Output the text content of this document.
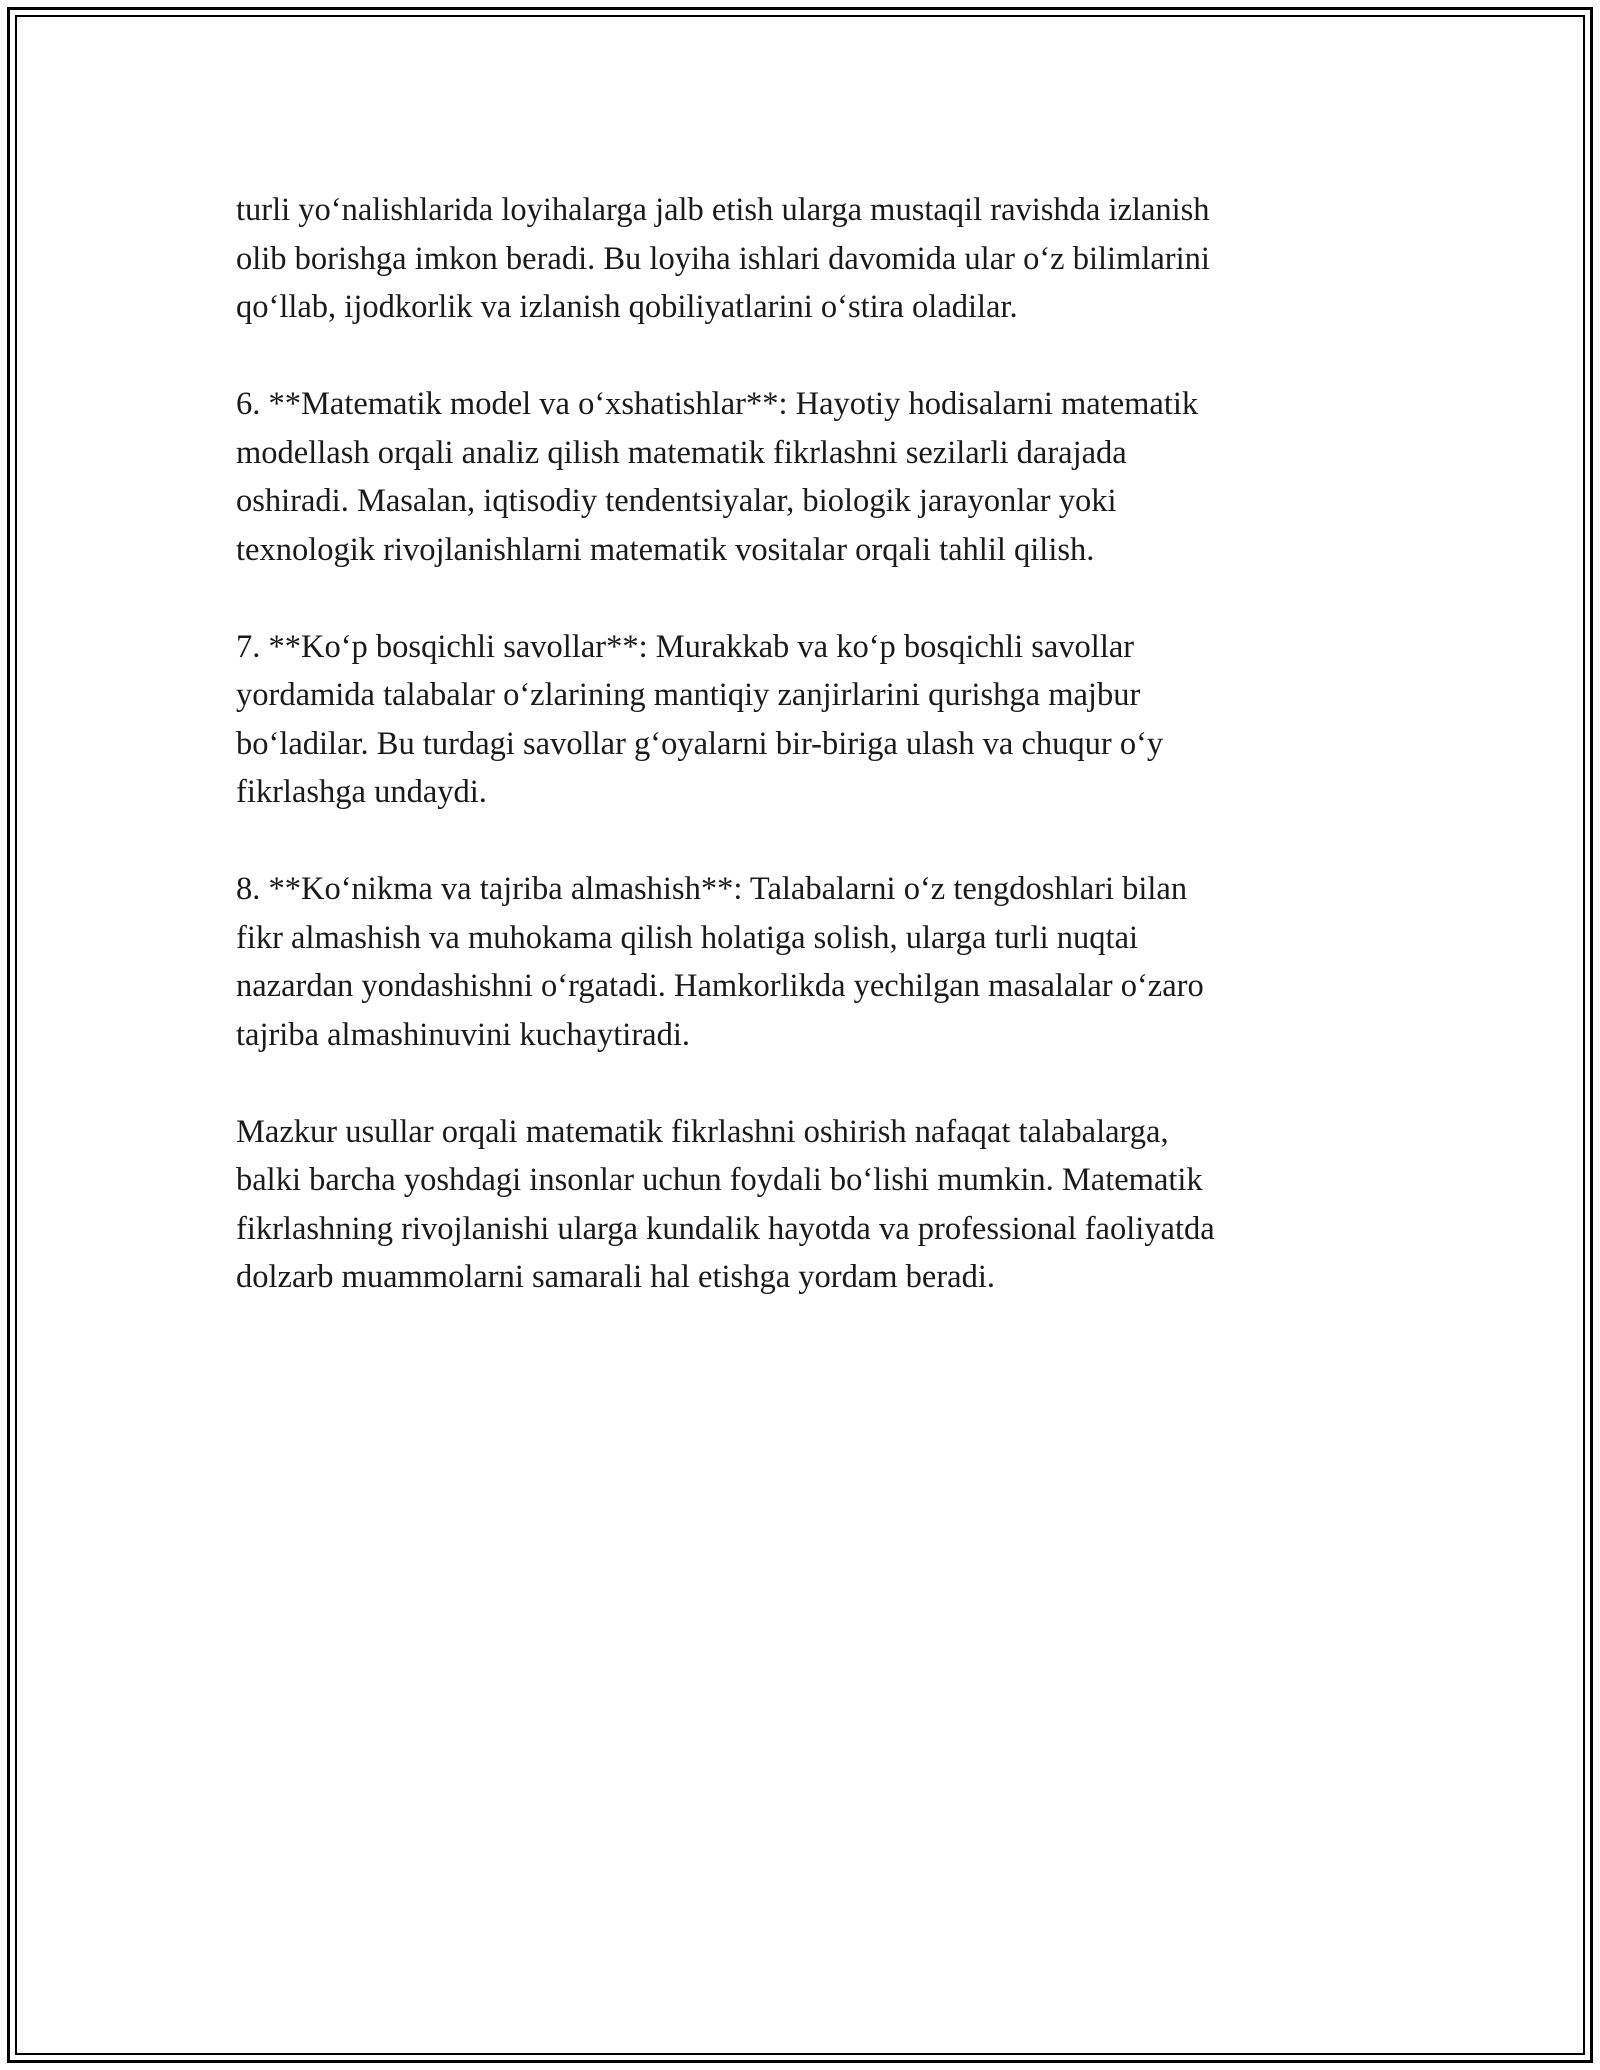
turli yo‘nalishlarida loyihalarga jalb etish ularga mustaqil ravishda izlanish
olib borishga imkon beradi. Bu loyiha ishlari davomida ular o‘z bilimlarini
qo‘llab, ijodkorlik va izlanish qobiliyatlarini o‘stira oladilar.

6. **Matematik model va o‘xshatishlar**: Hayotiy hodisalarni matematik
modellash orqali analiz qilish matematik fikrlashni sezilarli darajada
oshiradi. Masalan, iqtisodiy tendentsiyalar, biologik jarayonlar yoki
texnologik rivojlanishlarni matematik vositalar orqali tahlil qilish.

7. **Ko‘p bosqichli savollar**: Murakkab va ko‘p bosqichli savollar
yordamida talabalar o‘zlarining mantiqiy zanjirlarini qurishga majbur
bo‘ladilar. Bu turdagi savollar g‘oyalarni bir-biriga ulash va chuqur o‘y
fikrlashga undaydi.

8. **Ko‘nikma va tajriba almashish**: Talabalarni o‘z tengdoshlari bilan
fikr almashish va muhokama qilish holatiga solish, ularga turli nuqtai
nazardan yondashishni o‘rgatadi. Hamkorlikda yechilgan masalalar o‘zaro
tajriba almashinuvini kuchaytiradi.

Mazkur usullar orqali matematik fikrlashni oshirish nafaqat talabalarga,
balki barcha yoshdagi insonlar uchun foydali bo‘lishi mumkin. Matematik
fikrlashning rivojlanishi ularga kundalik hayotda va professional faoliyatda
dolzarb muammolarni samarali hal etishga yordam beradi.
